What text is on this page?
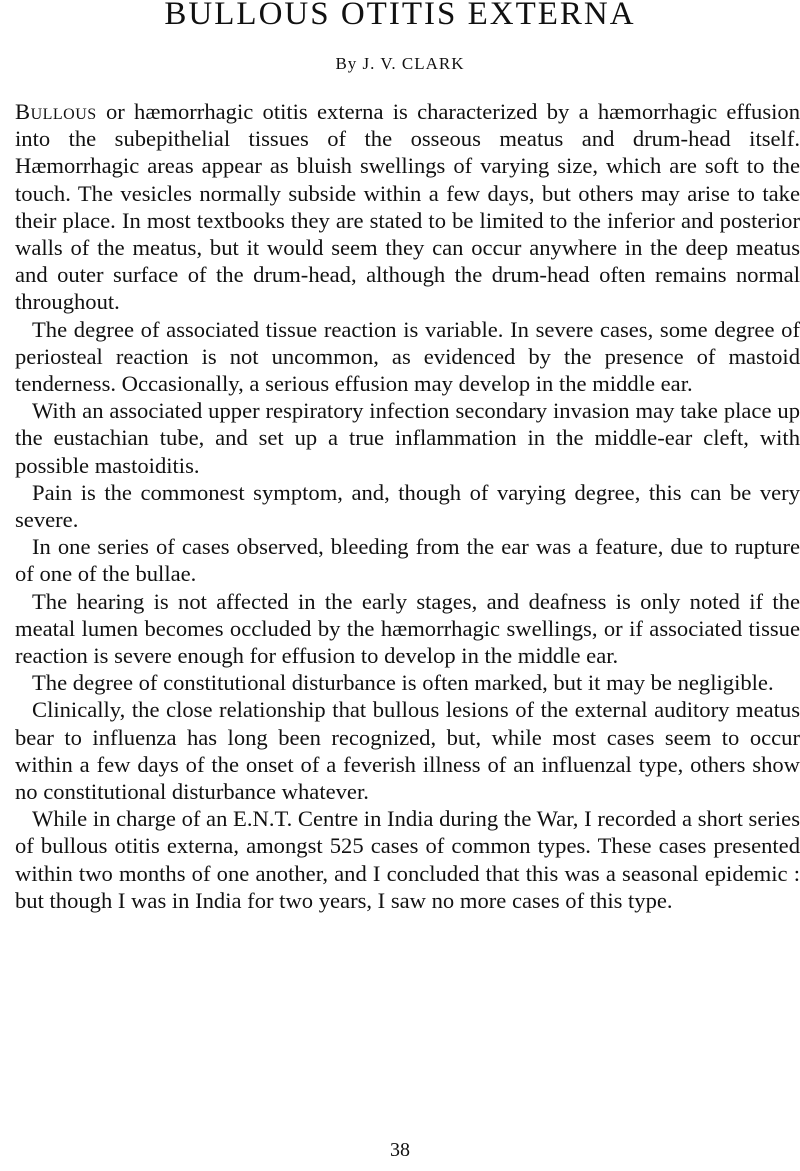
BULLOUS OTITIS EXTERNA
By J. V. CLARK

Bullous or hæmorrhagic otitis externa is characterized by a hæmorrhagic effusion into the subepithelial tissues of the osseous meatus and drum-head itself. Hæmorrhagic areas appear as bluish swellings of varying size, which are soft to the touch. The vesicles normally subside within a few days, but others may arise to take their place. In most textbooks they are stated to be limited to the inferior and posterior walls of the meatus, but it would seem they can occur anywhere in the deep meatus and outer surface of the drum-head, although the drum-head often remains normal throughout.

The degree of associated tissue reaction is variable. In severe cases, some degree of periosteal reaction is not uncommon, as evidenced by the presence of mastoid tenderness. Occasionally, a serious effusion may develop in the middle ear.

With an associated upper respiratory infection secondary invasion may take place up the eustachian tube, and set up a true inflammation in the middle-ear cleft, with possible mastoiditis.

Pain is the commonest symptom, and, though of varying degree, this can be very severe.

In one series of cases observed, bleeding from the ear was a feature, due to rupture of one of the bullae.

The hearing is not affected in the early stages, and deafness is only noted if the meatal lumen becomes occluded by the hæmorrhagic swellings, or if associated tissue reaction is severe enough for effusion to develop in the middle ear.

The degree of constitutional disturbance is often marked, but it may be negligible.

Clinically, the close relationship that bullous lesions of the external auditory meatus bear to influenza has long been recognized, but, while most cases seem to occur within a few days of the onset of a feverish illness of an influenzal type, others show no constitutional disturbance whatever.

While in charge of an E.N.T. Centre in India during the War, I recorded a short series of bullous otitis externa, amongst 525 cases of common types. These cases presented within two months of one another, and I concluded that this was a seasonal epidemic : but though I was in India for two years, I saw no more cases of this type.

38
